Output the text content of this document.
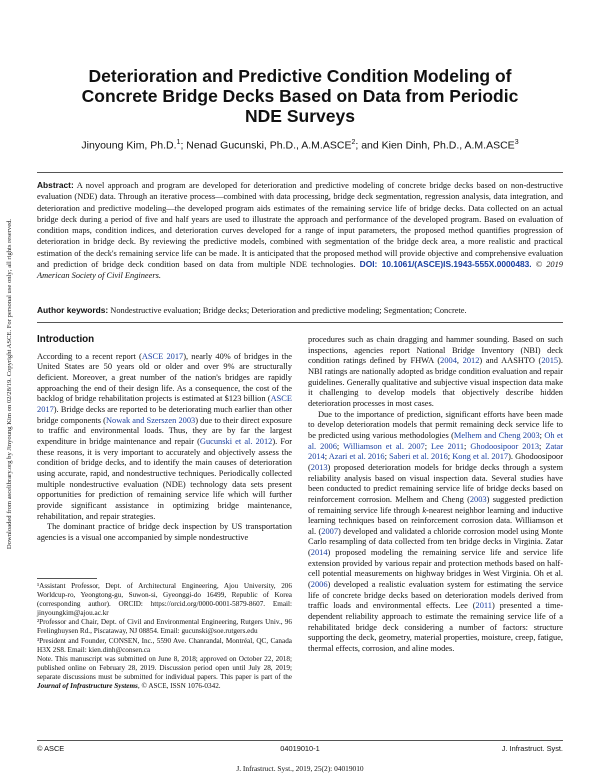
Downloaded from ascelibrary.org by Jinyoung Kim on 02/28/19. Copyright ASCE. For personal use only; all rights reserved.
Deterioration and Predictive Condition Modeling of Concrete Bridge Decks Based on Data from Periodic NDE Surveys
Jinyoung Kim, Ph.D.$^1$; Nenad Gucunski, Ph.D., A.M.ASCE$^2$; and Kien Dinh, Ph.D., A.M.ASCE$^3$
Abstract: A novel approach and program are developed for deterioration and predictive modeling of concrete bridge decks based on non-destructive evaluation (NDE) data. Through an iterative process—combined with data processing, bridge deck segmentation, regression analysis, data integration, and deterioration and predictive modeling—the developed program aids estimates of the remaining service life of bridge decks. Data collected on an actual bridge deck during a period of five and half years are used to illustrate the approach and performance of the developed program. Based on evaluation of condition maps, condition indices, and deterioration curves developed for a range of input parameters, the proposed method quantifies progression of deterioration in bridge deck. By reviewing the predictive models, combined with segmentation of the bridge deck area, a more realistic and practical estimation of the deck's remaining service life can be made. It is anticipated that the proposed method will provide objective and comprehensive evaluation and prediction of bridge deck condition based on data from multiple NDE technologies. DOI: 10.1061/(ASCE)IS.1943-555X.0000483. © 2019 American Society of Civil Engineers.
Author keywords: Nondestructive evaluation; Bridge decks; Deterioration and predictive modeling; Segmentation; Concrete.
Introduction

According to a recent report (ASCE 2017), nearly 40% of bridges in the United States are 50 years old or older and over 9% are structurally deficient. Moreover, a great number of the nation's bridges are rapidly approaching the end of their design life. As a consequence, the cost of the backlog of bridge rehabilitation projects is estimated at $123 billion (ASCE 2017). Bridge decks are reported to be deteriorating much earlier than other bridge components (Nowak and Szerszen 2003) due to their direct exposure to traffic and environmental loads. Thus, they are by far the largest expenditure in bridge maintenance and repair (Gucunski et al. 2012). For these reasons, it is very important to accurately and objectively assess the condition of bridge decks, and to identify the main causes of deterioration using accurate, rapid, and nondestructive techniques. Periodically collected multiple nondestructive evaluation (NDE) technology data sets present opportunities for prediction of remaining service life which will further provide significant assistance in optimizing bridge maintenance, rehabilitation, and repair strategies.

The dominant practice of bridge deck inspection by US transportation agencies is a visual one accompanied by simple nondestructive

¹Assistant Professor, Dept. of Architectural Engineering, Ajou University, 206 Worldcup-ro, Yeongtong-gu, Suwon-si, Gyeonggi-do 16499, Republic of Korea (corresponding author). ORCID: https://orcid.org/0000-0001-5879-8607. Email: jinyoungkim@ajou.ac.kr

²Professor and Chair, Dept. of Civil and Environmental Engineering, Rutgers Univ., 96 Frelinghuysen Rd., Piscataway, NJ 08854. Email: gucunski@soe.rutgers.edu

³President and Founder, CONSEN, Inc., 5590 Ave. Chanrandal, Montréal, QC, Canada H3X 2S8. Email: kien.dinh@consen.ca

Note. This manuscript was submitted on June 8, 2018; approved on October 22, 2018; published online on February 28, 2019. Discussion period open until July 28, 2019; separate discussions must be submitted for individual papers. This paper is part of the Journal of Infrastructure Systems, © ASCE, ISSN 1076-0342.

procedures such as chain dragging and hammer sounding. Based on such inspections, agencies report National Bridge Inventory (NBI) deck condition ratings defined by FHWA (2004, 2012) and AASHTO (2015). NBI ratings are nationally adopted as bridge condition evaluation and repair guidelines. Generally qualitative and subjective visual inspection data make it challenging to develop models that objectively describe hidden deterioration processes in most cases.

Due to the importance of prediction, significant efforts have been made to develop deterioration models that permit remaining deck service life to be predicted using various methodologies (Melhem and Cheng 2003; Oh et al. 2006; Williamson et al. 2007; Lee 2011; Ghodoosipoor 2013; Zatar 2014; Azari et al. 2016; Saberi et al. 2016; Kong et al. 2017). Ghodoosipoor (2013) proposed deterioration models for bridge decks through a system reliability analysis based on visual inspection data. Several studies have been conducted to predict remaining service life of bridge decks based on reinforcement corrosion. Melhem and Cheng (2003) suggested prediction of remaining service life through k-nearest neighbor learning and inductive learning techniques based on reinforcement corrosion data. Williamson et al. (2007) developed and validated a chloride corrosion model using Monte Carlo resampling of data collected from ten bridge decks in Virginia. Zatar (2014) proposed modeling the remaining service life and service life extension provided by various repair and protection methods based on half-cell potential measurements on highway bridges in West Virginia. Oh et al. (2006) developed a realistic evaluation system for estimating the service life of concrete bridge decks based on deterioration models derived from traffic loads and environmental effects. Lee (2011) presented a time-dependent reliability approach to estimate the remaining service life of a rehabilitated bridge deck considering a number of factors: structure supporting the deck, geometry, material properties, moisture, creep, fatigue, thermal effects, corrosion, and aline modes.

© ASCE	04019010-1	J. Infrastruct. Syst.
J. Infrastruct. Syst., 2019, 25(2): 04019010
